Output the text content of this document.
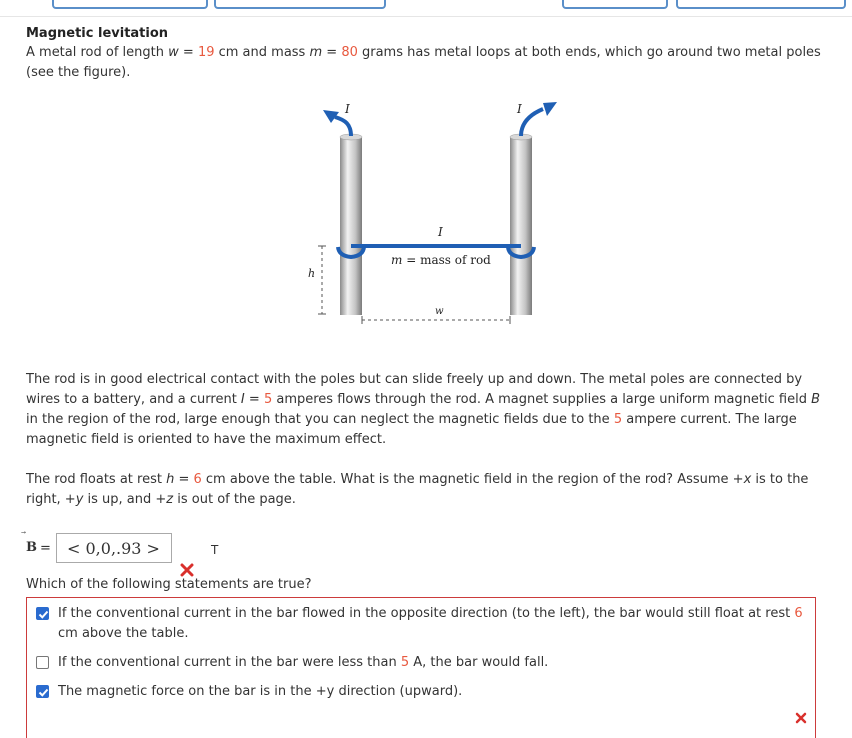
Magnetic levitation
A metal rod of length w = 19 cm and mass m = 80 grams has metal loops at both ends, which go around two metal poles (see the figure).
I	I
I
m = mass of rod
h
w
The rod is in good electrical contact with the poles but can slide freely up and down. The metal poles are connected by wires to a battery, and a current I = 5 amperes flows through the rod. A magnet supplies a large uniform magnetic field B in the region of the rod, large enough that you can neglect the magnetic fields due to the 5 ampere current. The large magnetic field is oriented to have the maximum effect.
The rod floats at rest h = 6 cm above the table. What is the magnetic field in the region of the rod? Assume +x is to the right, +y is up, and +z is out of the page.
B =	< 0,0,.93 >	T
Which of the following statements are true?
If the conventional current in the bar flowed in the opposite direction (to the left), the bar would still float at rest 6 cm above the table.
If the conventional current in the bar were less than 5 A, the bar would fall.
The magnetic force on the bar is in the +y direction (upward).
